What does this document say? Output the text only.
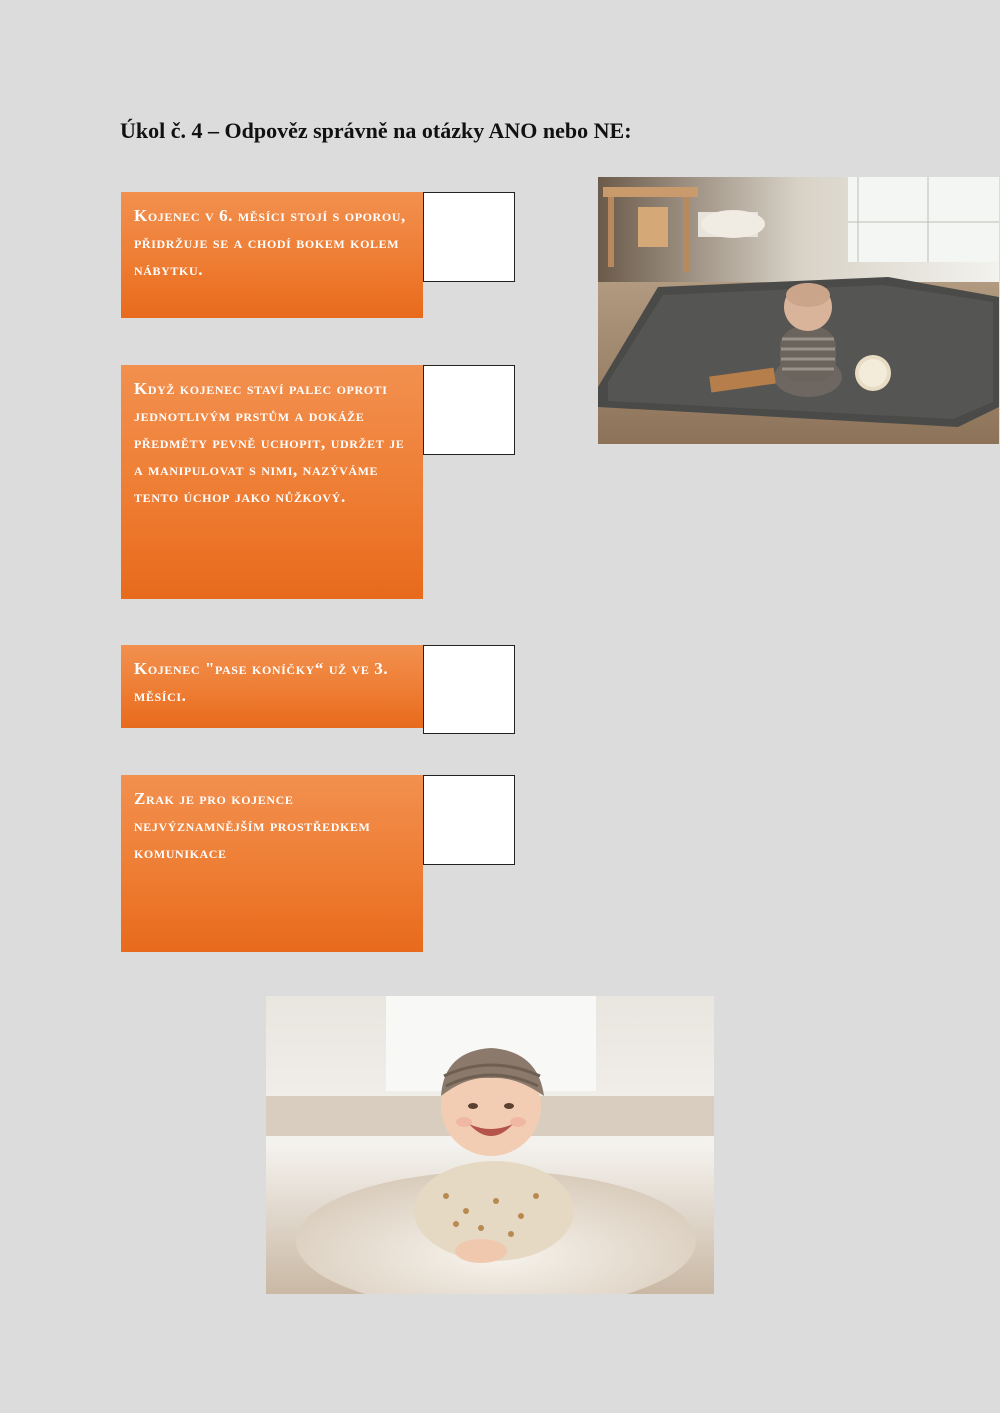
Úkol č. 4 – Odpověz správně na otázky ANO nebo NE:
Kojenec v 6. měsíci stojí s oporou, přidržuje se a chodí bokem kolem nábytku.
Když kojenec staví palec oproti jednotlivým prstům a dokáže předměty pevně uchopit, udržet je a manipulovat s nimi, nazýváme tento úchop jako nůžkový.
Kojenec "pase koníčky“ už ve 3. měsíci.
Zrak je pro kojence nejvýznamnějším prostředkem komunikace
